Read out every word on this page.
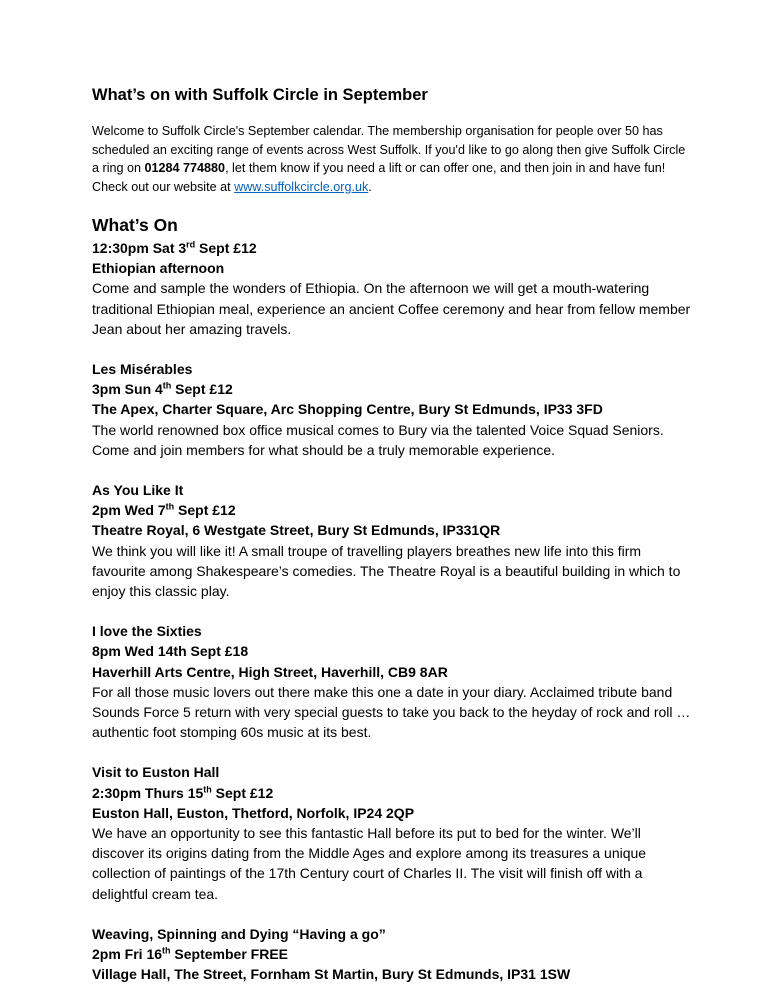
What’s on with Suffolk Circle in September

Welcome to Suffolk Circle's September calendar. The membership organisation for people over 50 has scheduled an exciting range of events across West Suffolk. If you'd like to go along then give Suffolk Circle a ring on 01284 774880, let them know if you need a lift or can offer one, and then join in and have fun! Check out our website at www.suffolkcircle.org.uk.

What’s On
12:30pm Sat 3rd Sept £12
Ethiopian afternoon
Come and sample the wonders of Ethiopia. On the afternoon we will get a mouth-watering traditional Ethiopian meal, experience an ancient Coffee ceremony and hear from fellow member Jean about her amazing travels.
Les Misérables
3pm Sun 4th Sept £12
The Apex, Charter Square, Arc Shopping Centre, Bury St Edmunds, IP33 3FD
The world renowned box office musical comes to Bury via the talented Voice Squad Seniors. Come and join members for what should be a truly memorable experience.
As You Like It
2pm Wed 7th Sept £12
Theatre Royal, 6 Westgate Street, Bury St Edmunds, IP331QR
We think you will like it! A small troupe of travelling players breathes new life into this firm favourite among Shakespeare’s comedies. The Theatre Royal is a beautiful building in which to enjoy this classic play.
I love the Sixties
8pm Wed 14th Sept £18
Haverhill Arts Centre, High Street, Haverhill, CB9 8AR
For all those music lovers out there make this one a date in your diary. Acclaimed tribute band Sounds Force 5 return with very special guests to take you back to the heyday of rock and roll … authentic foot stomping 60s music at its best.
Visit to Euston Hall
2:30pm Thurs 15th Sept £12
Euston Hall, Euston, Thetford, Norfolk, IP24 2QP
We have an opportunity to see this fantastic Hall before its put to bed for the winter. We’ll discover its origins dating from the Middle Ages and explore among its treasures a unique collection of paintings of the 17th Century court of Charles II. The visit will finish off with a delightful cream tea.
Weaving, Spinning and Dying “Having a go”
2pm Fri 16th September FREE
Village Hall, The Street, Fornham St Martin, Bury St Edmunds, IP31 1SW
